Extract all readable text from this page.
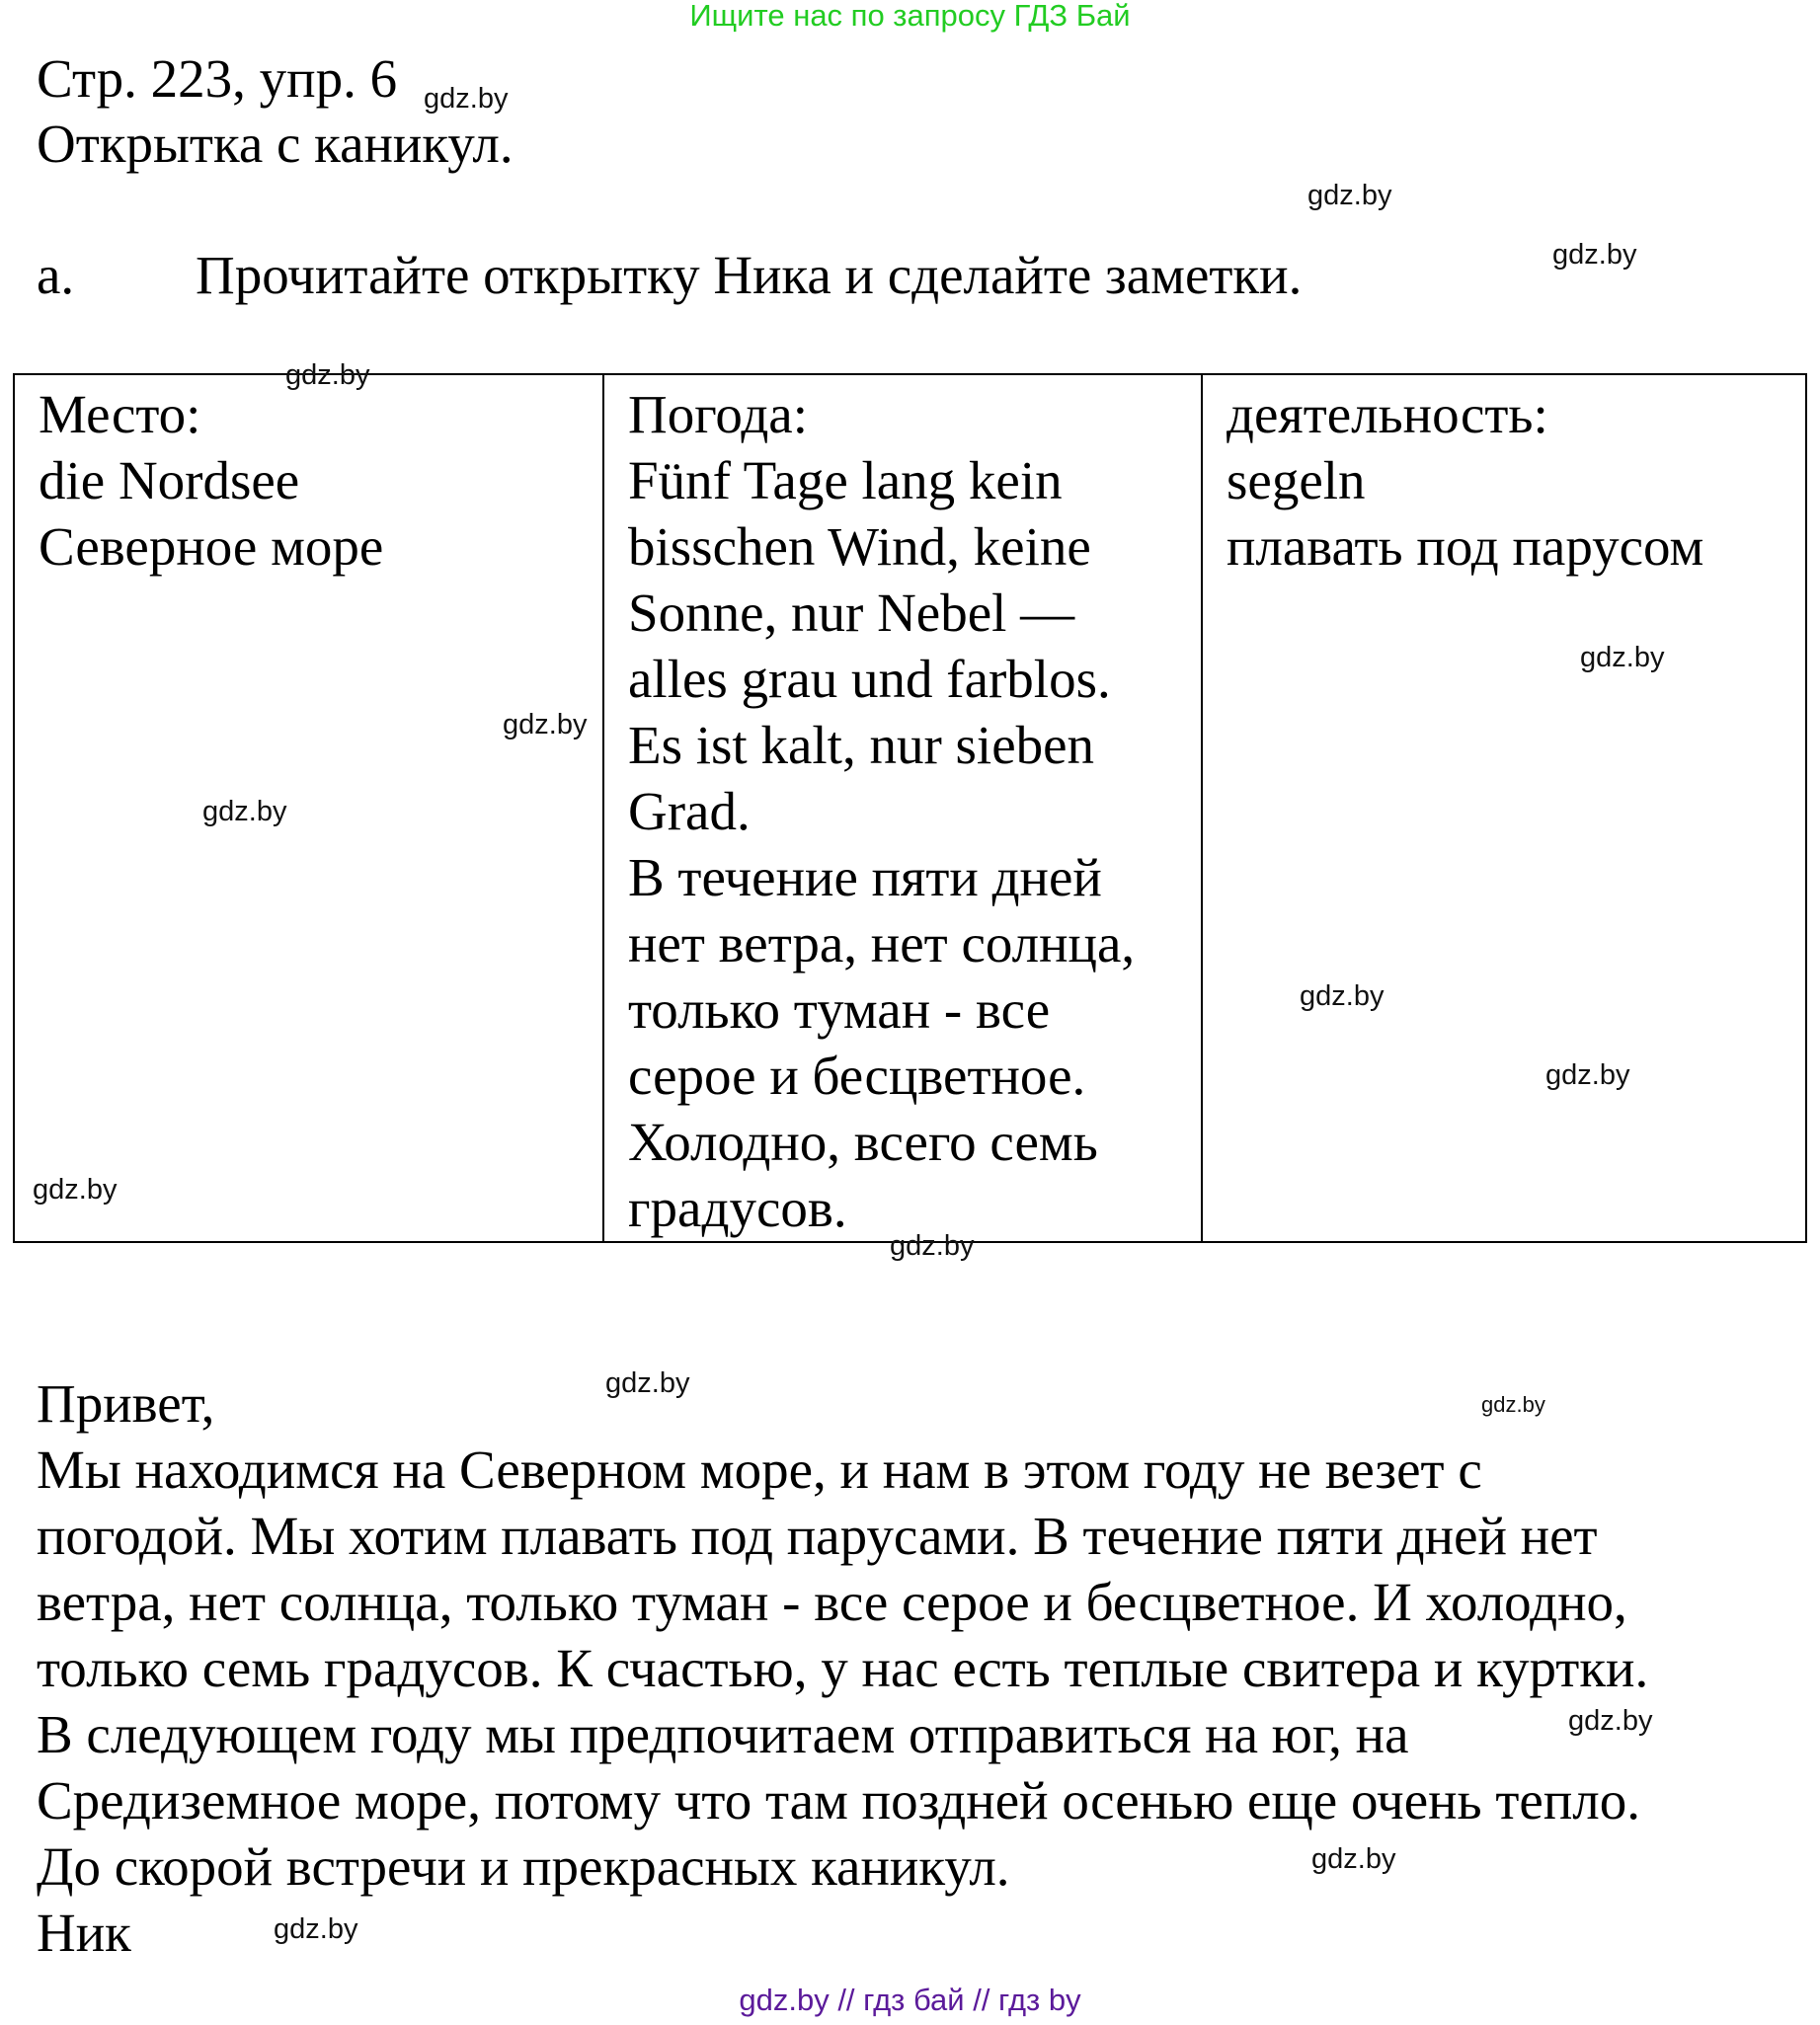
Ищите нас по запросу ГДЗ Бай
Стр. 223, упр. 6
Открытка с каникул.
а. Прочитайте открытку Ника и сделайте заметки.
Место:
die Nordsee
Северное море

Погода:
Fünf Tage lang kein
bisschen Wind, keine
Sonne, nur Nebel —
alles grau und farblos.
Es ist kalt, nur sieben
Grad.
В течение пяти дней
нет ветра, нет солнца,
только туман - все
серое и бесцветное.
Холодно, всего семь
градусов.

деятельность:
segeln
плавать под парусом
Привет,
Мы находимся на Северном море, и нам в этом году не везет с
погодой. Мы хотим плавать под парусами. В течение пяти дней нет
ветра, нет солнца, только туман - все серое и бесцветное. И холодно,
только семь градусов. К счастью, у нас есть теплые свитера и куртки.
В следующем году мы предпочитаем отправиться на юг, на
Средиземное море, потому что там поздней осенью еще очень тепло.
До скорой встречи и прекрасных каникул.
Ник
gdz.by
gdz.by
gdz.by
gdz.by
gdz.by
gdz.by
gdz.by
gdz.by
gdz.by
gdz.by
gdz.by
gdz.by
gdz.by
gdz.by
gdz.by
gdz.by
gdz.by // гдз бай // гдз by
